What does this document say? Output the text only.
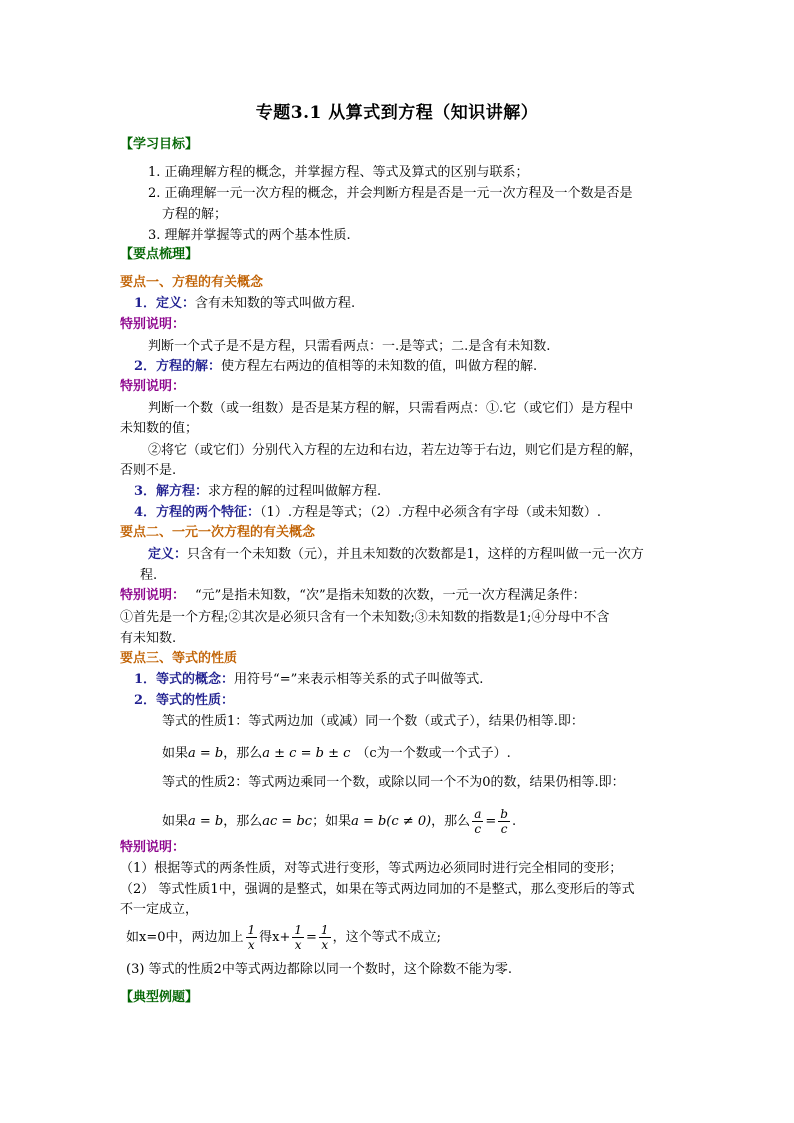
专题3.1 从算式到方程（知识讲解）
【学习目标】
1. 正确理解方程的概念，并掌握方程、等式及算式的区别与联系；
2. 正确理解一元一次方程的概念，并会判断方程是否是一元一次方程及一个数是否是
方程的解；
3. 理解并掌握等式的两个基本性质.
【要点梳理】
要点一、方程的有关概念
1．定义：含有未知数的等式叫做方程.
特别说明：
判断一个式子是不是方程，只需看两点：一.是等式；二.是含有未知数.
2．方程的解：使方程左右两边的值相等的未知数的值，叫做方程的解.
特别说明：
判断一个数（或一组数）是否是某方程的解，只需看两点：①.它（或它们）是方程中
未知数的值；
②将它（或它们）分别代入方程的左边和右边，若左边等于右边，则它们是方程的解，
否则不是.
3．解方程：求方程的解的过程叫做解方程.
4．方程的两个特征：（1）.方程是等式；（2）.方程中必须含有字母（或未知数）.
要点二、一元一次方程的有关概念
定义：只含有一个未知数（元），并且未知数的次数都是1，这样的方程叫做一元一次方
程.
特别说明： “元”是指未知数，“次”是指未知数的次数，一元一次方程满足条件：
①首先是一个方程;②其次是必须只含有一个未知数;③未知数的指数是1;④分母中不含
有未知数.
要点三、等式的性质
1．等式的概念：用符号“=”来表示相等关系的式子叫做等式.
2．等式的性质：
等式的性质1：等式两边加（或减）同一个数（或式子），结果仍相等.即：
如果a = b，那么a ± c = b ± c （c为一个数或一个式子）.
等式的性质2：等式两边乘同一个数，或除以同一个不为0的数，结果仍相等.即：
如果a = b，那么ac = bc；如果a = b(c ≠ 0)，那么 $\frac{a}{c} = \frac{b}{c}$ .
特别说明：
（1）根据等式的两条性质，对等式进行变形，等式两边必须同时进行完全相同的变形；
（2） 等式性质1中，强调的是整式，如果在等式两边同加的不是整式，那么变形后的等式
不一定成立，
如x=0中，两边加上 $\frac{1}{x}$ 得$x+ \frac{1}{x} = \frac{1}{x}$ ，这个等式不成立;
(3) 等式的性质2中等式两边都除以同一个数时，这个除数不能为零.
【典型例题】
